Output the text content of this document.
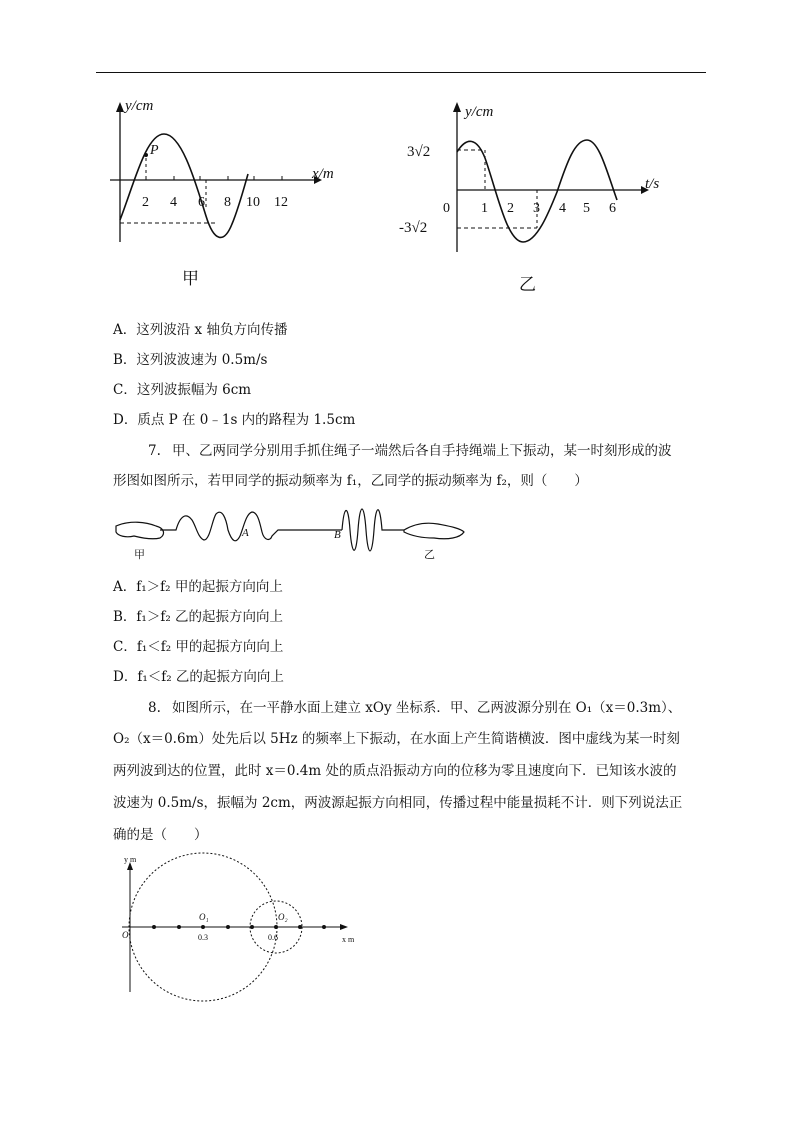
y/cm
x/m
P
2 4 6 8 10 12
甲
y/cm
t/s
3√2
-3√2
0 1 2 3 4 5 6
乙
A．这列波沿 x 轴负方向传播
B．这列波波速为 0.5m/s
C．这列波振幅为 6cm
D．质点 P 在 0﹣1s 内的路程为 1.5cm
7. 甲、乙两同学分别用手抓住绳子一端然后各自手持绳端上下振动，某一时刻形成的波
形图如图所示，若甲同学的振动频率为 f₁，乙同学的振动频率为 f₂，则（　　）
甲
A	B
乙
A．f₁＞f₂ 甲的起振方向向上
B．f₁＞f₂ 乙的起振方向向上
C．f₁＜f₂ 甲的起振方向向上
D．f₁＜f₂ 乙的起振方向向上
8. 如图所示，在一平静水面上建立 xOy 坐标系．甲、乙两波源分别在 O₁（x＝0.3m）、
O₂（x＝0.6m）处先后以 5Hz 的频率上下振动，在水面上产生简谐横波．图中虚线为某一时刻
两列波到达的位置，此时 x＝0.4m 处的质点沿振动方向的位移为零且速度向下．已知该水波的
波速为 0.5m/s，振幅为 2cm，两波源起振方向相同，传播过程中能量损耗不计．则下列说法正
确的是（　　）
y m
x m
O
O₁	O₂
0.3	0.6
